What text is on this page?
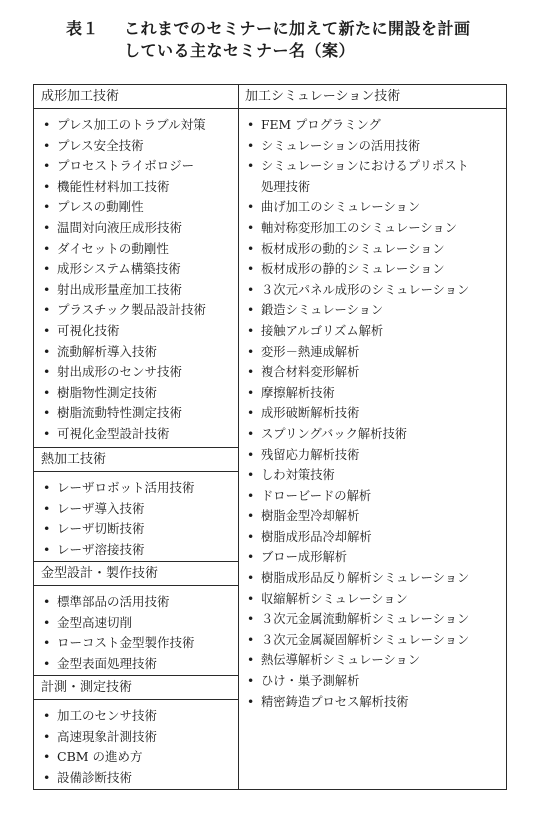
表１ これまでのセミナーに加えて新たに開設を計画
している主なセミナー名（案）
成形加工技術
• プレス加工のトラブル対策
• プレス安全技術
• プロセストライボロジー
• 機能性材料加工技術
• プレスの動剛性
• 温間対向液圧成形技術
• ダイセットの動剛性
• 成形システム構築技術
• 射出成形量産加工技術
• プラスチック製品設計技術
• 可視化技術
• 流動解析導入技術
• 射出成形のセンサ技術
• 樹脂物性測定技術
• 樹脂流動特性測定技術
• 可視化金型設計技術
熱加工技術
• レーザロボット活用技術
• レーザ導入技術
• レーザ切断技術
• レーザ溶接技術
金型設計・製作技術
• 標準部品の活用技術
• 金型高速切削
• ローコスト金型製作技術
• 金型表面処理技術
計測・測定技術
• 加工のセンサ技術
• 高速現象計測技術
• CBM の進め方
• 設備診断技術
加工シミュレーション技術
• FEM プログラミング
• シミュレーションの活用技術
• シミュレーションにおけるプリポスト処理技術
• 曲げ加工のシミュレーション
• 軸対称変形加工のシミュレーション
• 板材成形の動的シミュレーション
• 板材成形の静的シミュレーション
• ３次元パネル成形のシミュレーション
• 鍛造シミュレーション
• 接触アルゴリズム解析
• 変形－熱連成解析
• 複合材料変形解析
• 摩擦解析技術
• 成形破断解析技術
• スプリングバック解析技術
• 残留応力解析技術
• しわ対策技術
• ドロービードの解析
• 樹脂金型冷却解析
• 樹脂成形品冷却解析
• ブロー成形解析
• 樹脂成形品反り解析シミュレーション
• 収縮解析シミュレーション
• ３次元金属流動解析シミュレーション
• ３次元金属凝固解析シミュレーション
• 熱伝導解析シミュレーション
• ひけ・巣予測解析
• 精密鋳造プロセス解析技術
